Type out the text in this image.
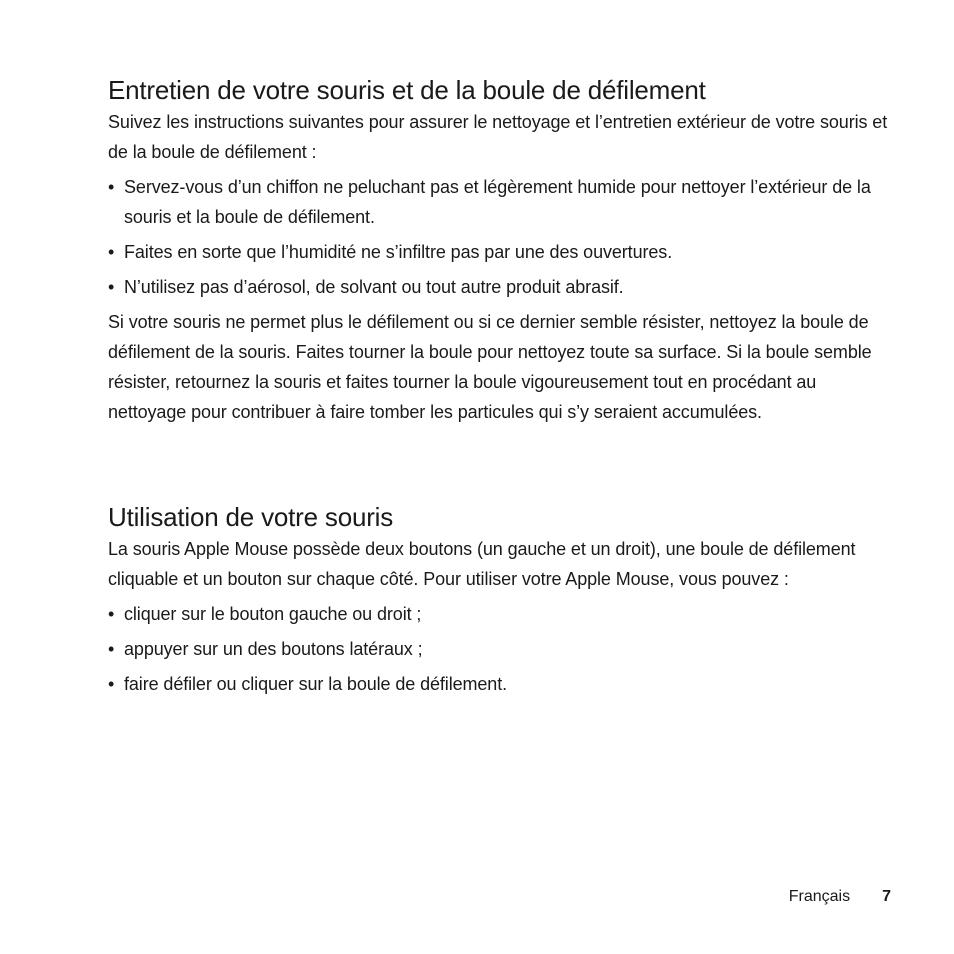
Entretien de votre souris et de la boule de défilement

Suivez les instructions suivantes pour assurer le nettoyage et l’entretien extérieur de votre souris et de la boule de défilement :

• Servez-vous d’un chiffon ne peluchant pas et légèrement humide pour nettoyer l’extérieur de la souris et la boule de défilement.
• Faites en sorte que l’humidité ne s’infiltre pas par une des ouvertures.
• N’utilisez pas d’aérosol, de solvant ou tout autre produit abrasif.

Si votre souris ne permet plus le défilement ou si ce dernier semble résister, nettoyez la boule de défilement de la souris. Faites tourner la boule pour nettoyez toute sa surface. Si la boule semble résister, retournez la souris et faites tourner la boule vigoureusement tout en procédant au nettoyage pour contribuer à faire tomber les particules qui s’y seraient accumulées.

Utilisation de votre souris

La souris Apple Mouse possède deux boutons (un gauche et un droit), une boule de défilement cliquable et un bouton sur chaque côté. Pour utiliser votre Apple Mouse, vous pouvez :

• cliquer sur le bouton gauche ou droit ;
• appuyer sur un des boutons latéraux ;
• faire défiler ou cliquer sur la boule de défilement.
Français 7
